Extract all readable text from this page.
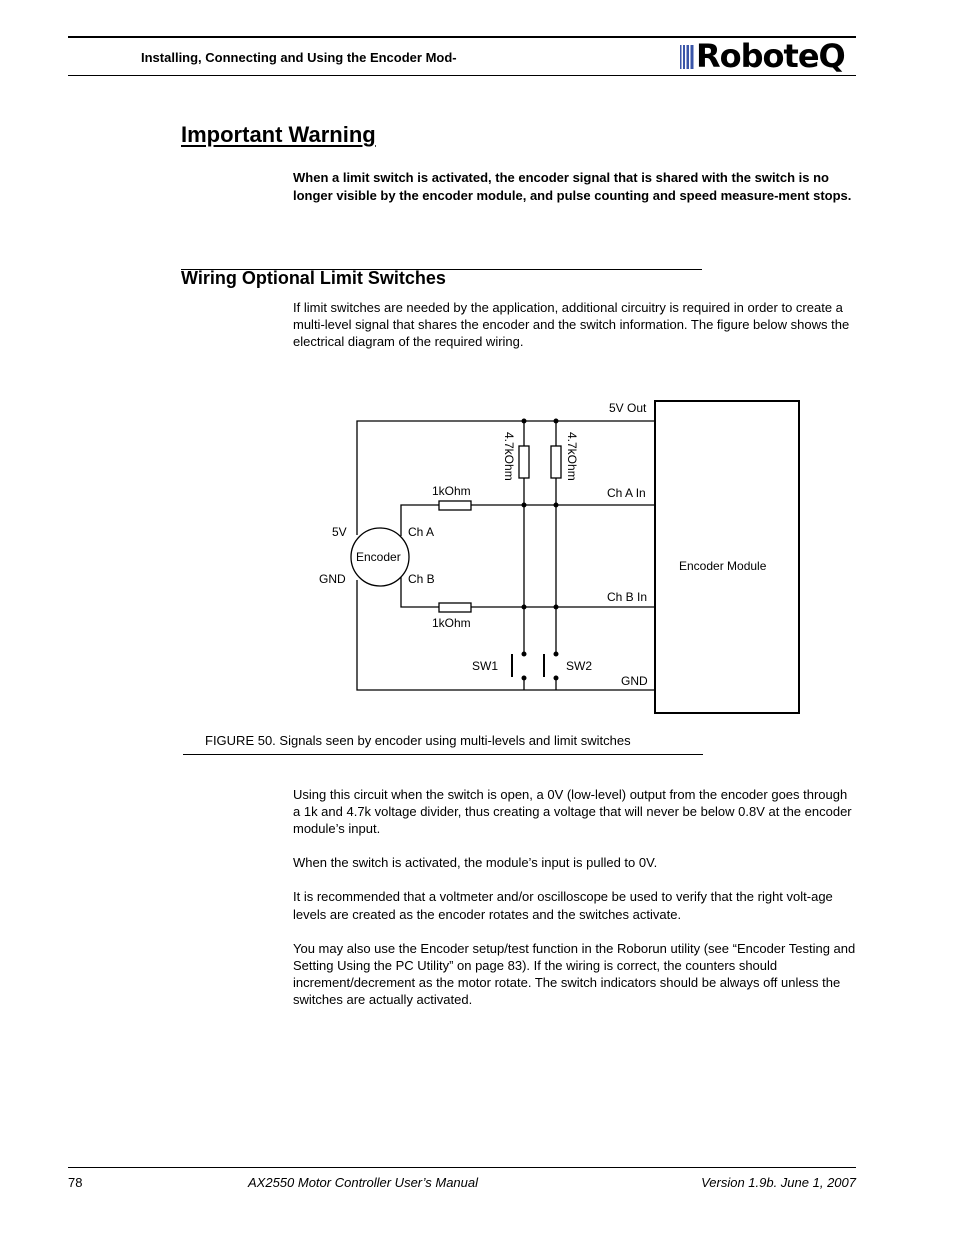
Installing, Connecting and Using the Encoder Mod-	RoboteQ
Important Warning
When a limit switch is activated, the encoder signal that is shared with the switch is no longer visible by the encoder module, and pulse counting and speed measure-ment stops.
Wiring Optional Limit Switches
If limit switches are needed by the application, additional circuitry is required in order to create a multi-level signal that shares the encoder and the switch information. The figure below shows the electrical diagram of the required wiring.
5V Out
4.7kOhm	4.7kOhm
1kOhm	Ch A In
5V	Ch A
Encoder
Encoder Module
GND	Ch B
Ch B In
1kOhm
SW1	SW2
GND
FIGURE 50. Signals seen by encoder using multi-levels and limit switches
Using this circuit when the switch is open, a 0V (low-level) output from the encoder goes through a 1k and 4.7k voltage divider, thus creating a voltage that will never be below 0.8V at the encoder module’s input.
When the switch is activated, the module’s input is pulled to 0V.
It is recommended that a voltmeter and/or oscilloscope be used to verify that the right volt-age levels are created as the encoder rotates and the switches activate.
You may also use the Encoder setup/test function in the Roborun utility (see “Encoder Testing and Setting Using the PC Utility” on page 83). If the wiring is correct, the counters should increment/decrement as the motor rotate. The switch indicators should be always off unless the switches are actually activated.
78	AX2550 Motor Controller User’s Manual	Version 1.9b. June 1, 2007
